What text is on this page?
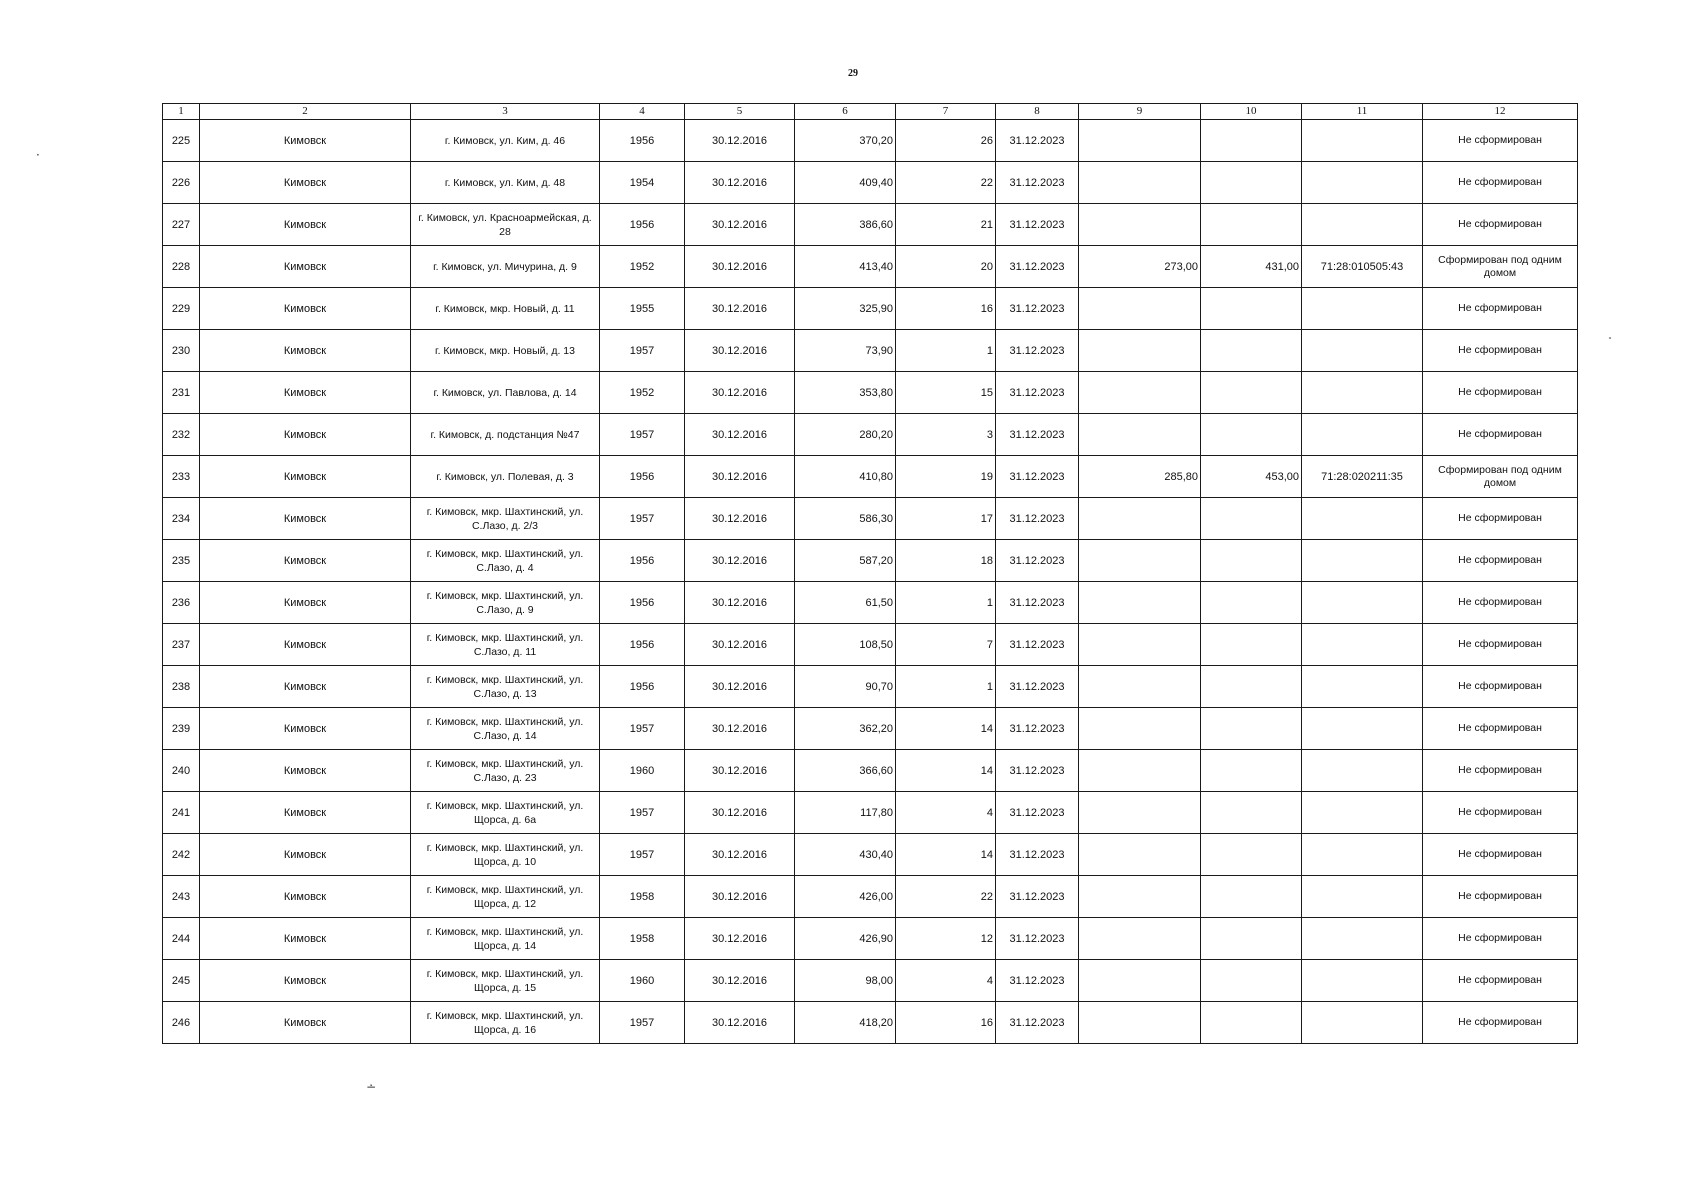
29
·
˯
∸
1	2	3	4	5	6	7	8	9	10	11	12
225	Кимовск	г. Кимовск, ул. Ким, д. 46	1956	30.12.2016	370,20	26	31.12.2023				Не сформирован
226	Кимовск	г. Кимовск, ул. Ким, д. 48	1954	30.12.2016	409,40	22	31.12.2023				Не сформирован
227	Кимовск	г. Кимовск, ул. Красноармейская, д. 28	1956	30.12.2016	386,60	21	31.12.2023				Не сформирован
228	Кимовск	г. Кимовск, ул. Мичурина, д. 9	1952	30.12.2016	413,40	20	31.12.2023	273,00	431,00	71:28:010505:43	Сформирован под одним домом
229	Кимовск	г. Кимовск, мкр. Новый, д. 11	1955	30.12.2016	325,90	16	31.12.2023				Не сформирован
230	Кимовск	г. Кимовск, мкр. Новый, д. 13	1957	30.12.2016	73,90	1	31.12.2023				Не сформирован
231	Кимовск	г. Кимовск, ул. Павлова, д. 14	1952	30.12.2016	353,80	15	31.12.2023				Не сформирован
232	Кимовск	г. Кимовск, д. подстанция №47	1957	30.12.2016	280,20	3	31.12.2023				Не сформирован
233	Кимовск	г. Кимовск, ул. Полевая, д. 3	1956	30.12.2016	410,80	19	31.12.2023	285,80	453,00	71:28:020211:35	Сформирован под одним домом
234	Кимовск	г. Кимовск, мкр. Шахтинский, ул. С.Лазо, д. 2/3	1957	30.12.2016	586,30	17	31.12.2023				Не сформирован
235	Кимовск	г. Кимовск, мкр. Шахтинский, ул. С.Лазо, д. 4	1956	30.12.2016	587,20	18	31.12.2023				Не сформирован
236	Кимовск	г. Кимовск, мкр. Шахтинский, ул. С.Лазо, д. 9	1956	30.12.2016	61,50	1	31.12.2023				Не сформирован
237	Кимовск	г. Кимовск, мкр. Шахтинский, ул. С.Лазо, д. 11	1956	30.12.2016	108,50	7	31.12.2023				Не сформирован
238	Кимовск	г. Кимовск, мкр. Шахтинский, ул. С.Лазо, д. 13	1956	30.12.2016	90,70	1	31.12.2023				Не сформирован
239	Кимовск	г. Кимовск, мкр. Шахтинский, ул. С.Лазо, д. 14	1957	30.12.2016	362,20	14	31.12.2023				Не сформирован
240	Кимовск	г. Кимовск, мкр. Шахтинский, ул. С.Лазо, д. 23	1960	30.12.2016	366,60	14	31.12.2023				Не сформирован
241	Кимовск	г. Кимовск, мкр. Шахтинский, ул. Щорса, д. 6а	1957	30.12.2016	117,80	4	31.12.2023				Не сформирован
242	Кимовск	г. Кимовск, мкр. Шахтинский, ул. Щорса, д. 10	1957	30.12.2016	430,40	14	31.12.2023				Не сформирован
243	Кимовск	г. Кимовск, мкр. Шахтинский, ул. Щорса, д. 12	1958	30.12.2016	426,00	22	31.12.2023				Не сформирован
244	Кимовск	г. Кимовск, мкр. Шахтинский, ул. Щорса, д. 14	1958	30.12.2016	426,90	12	31.12.2023				Не сформирован
245	Кимовск	г. Кимовск, мкр. Шахтинский, ул. Щорса, д. 15	1960	30.12.2016	98,00	4	31.12.2023				Не сформирован
246	Кимовск	г. Кимовск, мкр. Шахтинский, ул. Щорса, д. 16	1957	30.12.2016	418,20	16	31.12.2023				Не сформирован
